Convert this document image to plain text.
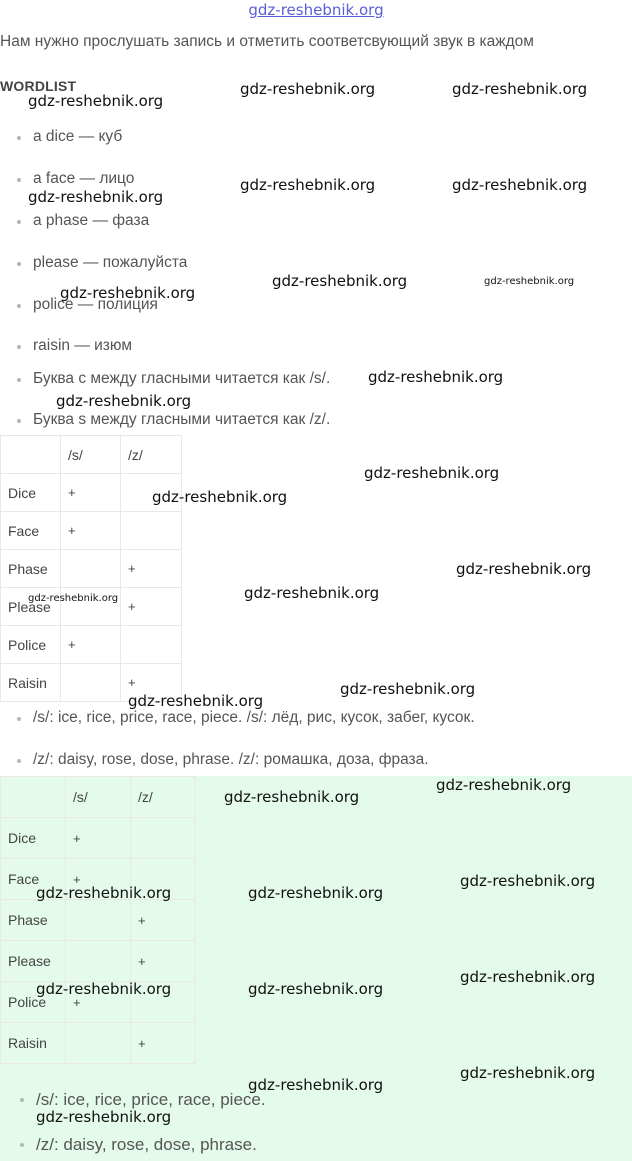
gdz-reshebnik.org
Нам нужно прослушать запись и отметить соответсвующий звук в каждом
WORDLIST
a dice — куб
a face — лицо
a phase — фаза
please — пожалуйста
police — полиция
raisin — изюм
Буква c между гласными читается как /s/.
Буква s между гласными читается как /z/.
	/s/	/z/
Dice	+	
Face	+	
Phase		+
Please		+
Police	+	
Raisin		+
/s/: ice, rice, price, race, piece. /s/: лёд, рис, кусок, забег, кусок.
/z/: daisy, rose, dose, phrase. /z/: ромашка, доза, фраза.
	/s/	/z/
Dice	+	
Face	+	
Phase		+
Please		+
Police	+	
Raisin		+
/s/: ice, rice, price, race, piece.
/z/: daisy, rose, dose, phrase.
gdz-reshebnik.org
gdz-reshebnik.org	gdz-reshebnik.org
gdz-reshebnik.org
gdz-reshebnik.org	gdz-reshebnik.org
gdz-reshebnik.org
gdz-reshebnik.org	gdz-reshebnik.org
gdz-reshebnik.org
gdz-reshebnik.org
gdz-reshebnik.org
gdz-reshebnik.org
gdz-reshebnik.org
gdz-reshebnik.org
gdz-reshebnik.org
gdz-reshebnik.org
gdz-reshebnik.org
gdz-reshebnik.org
gdz-reshebnik.org
gdz-reshebnik.org
gdz-reshebnik.org	gdz-reshebnik.org
gdz-reshebnik.org
gdz-reshebnik.org	gdz-reshebnik.org
gdz-reshebnik.org
gdz-reshebnik.org
gdz-reshebnik.org
